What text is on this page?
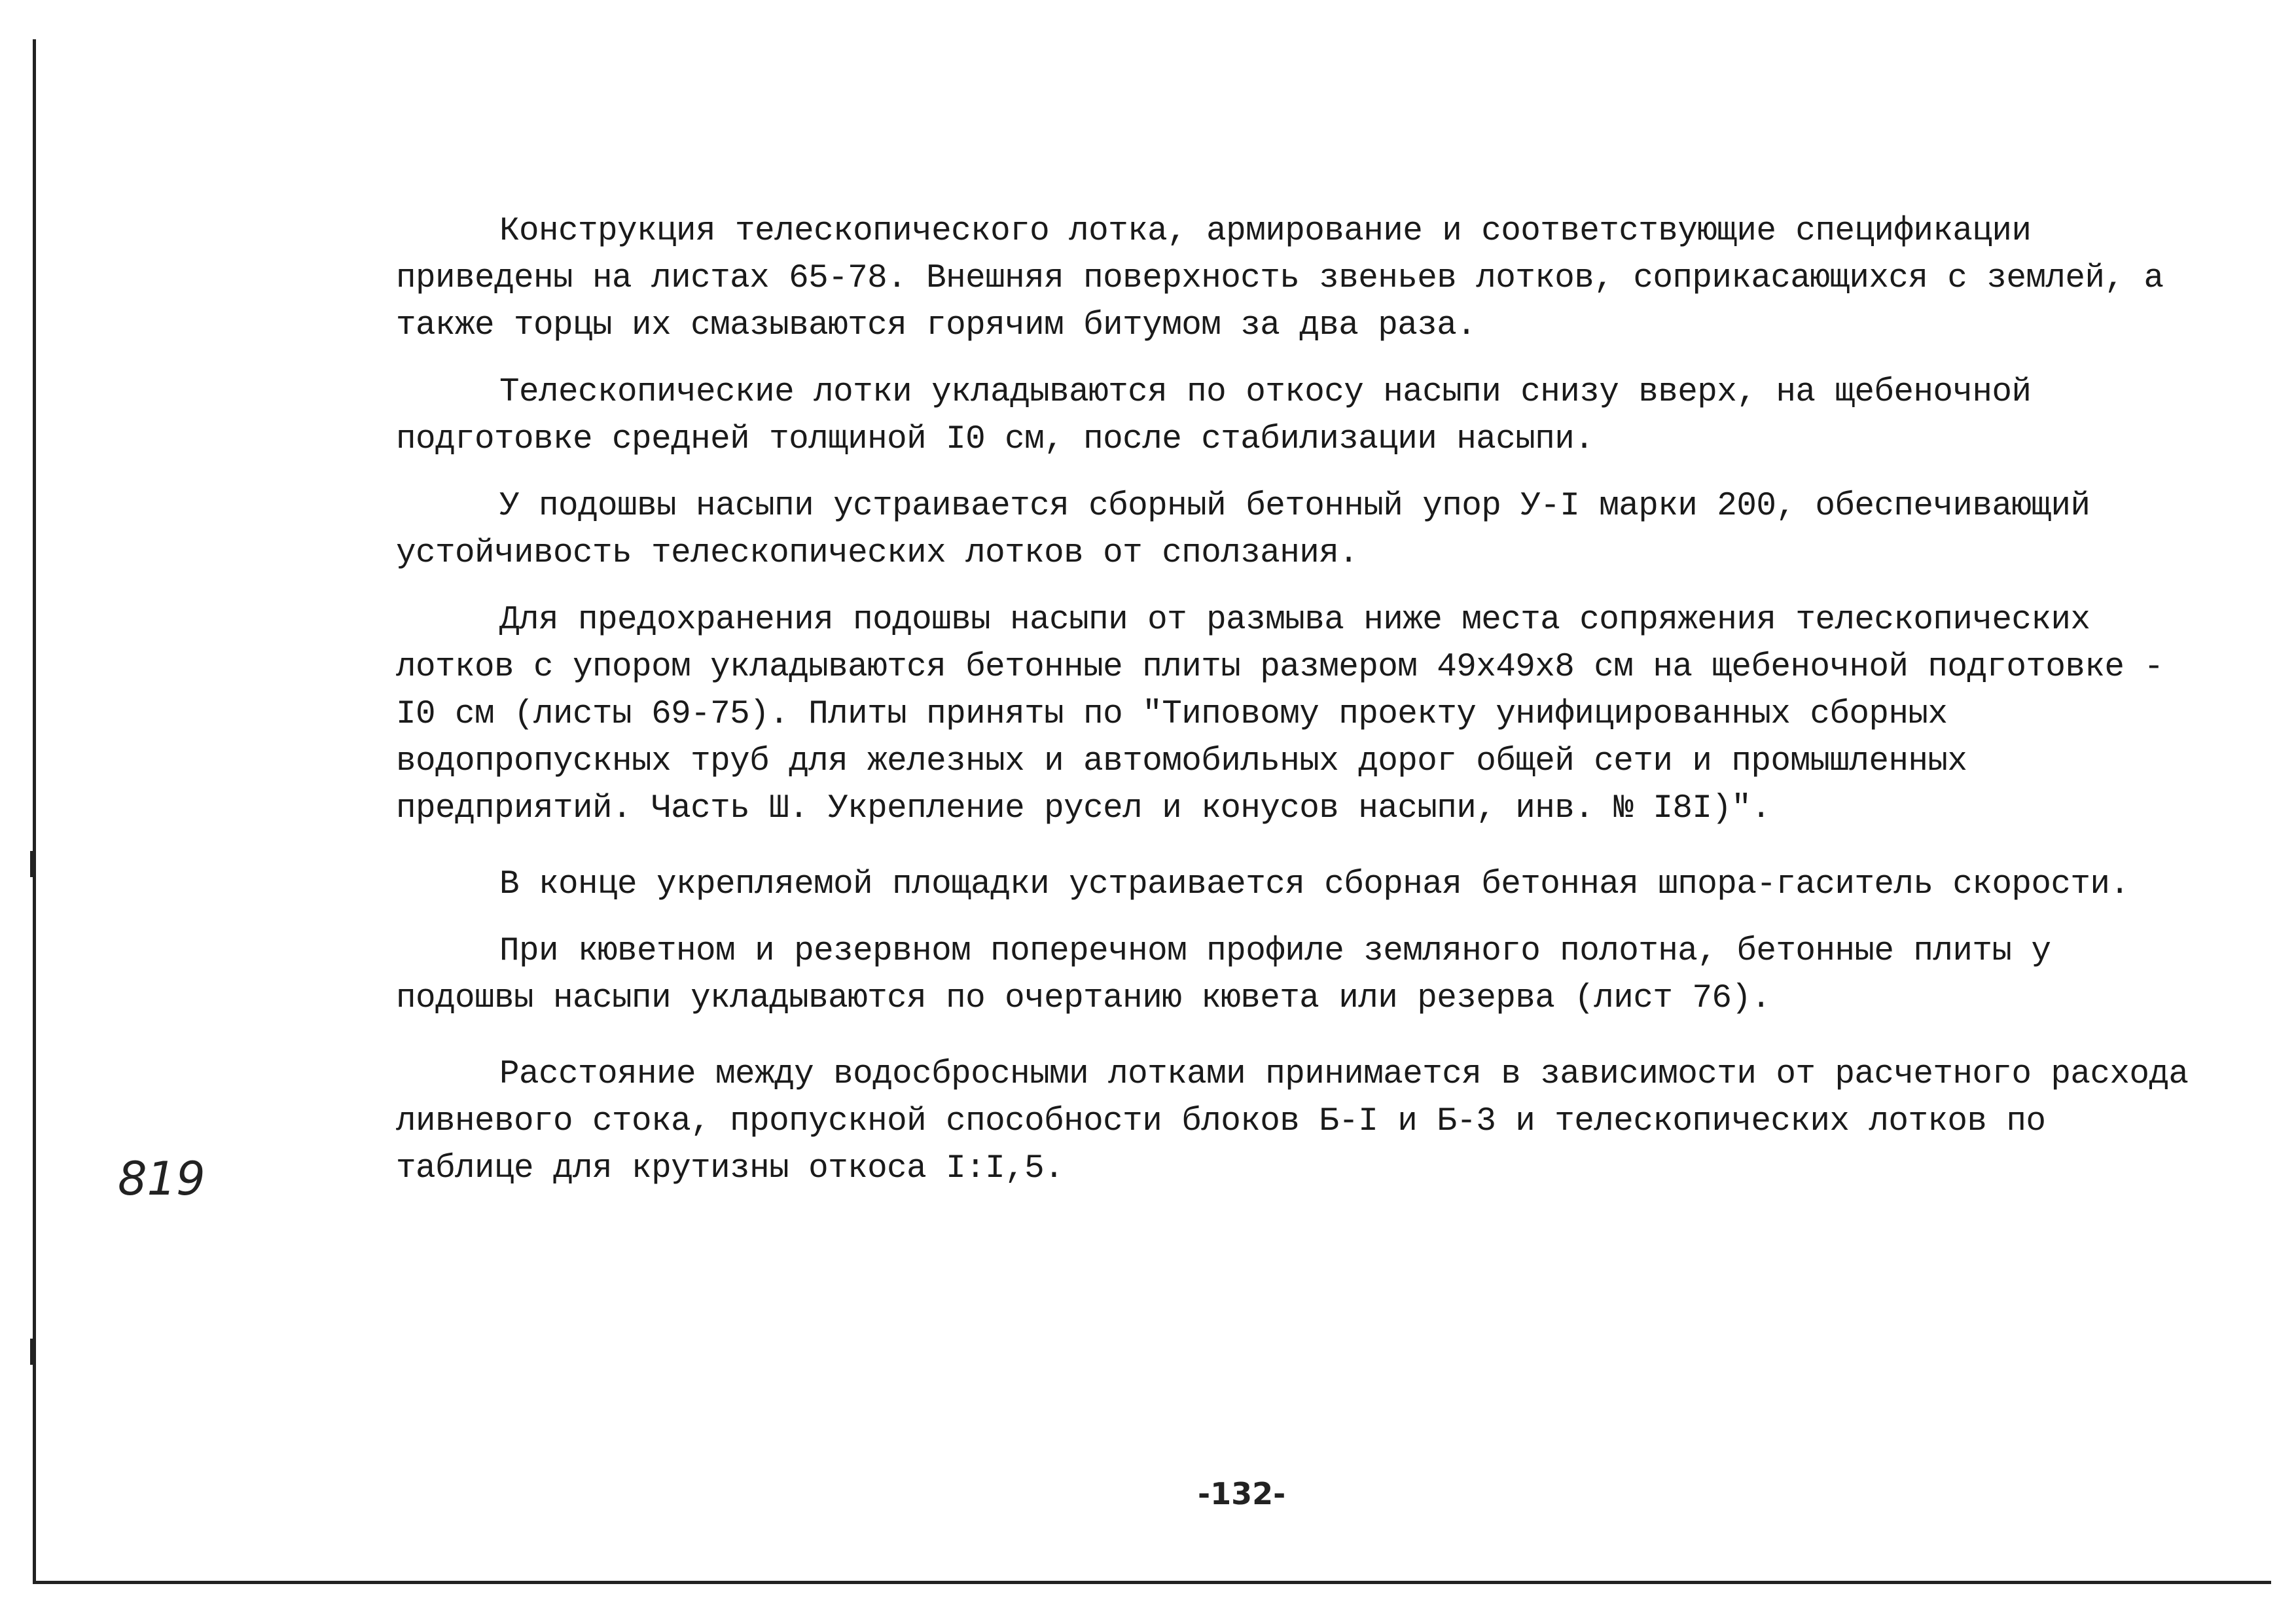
Конструкция телескопического лотка, армирование и соответствующие спецификации приведены на листах 65-78. Внешняя поверхность звеньев лотков, соприкасающихся с землей, а также торцы их смазываются горячим битумом за два раза.

Телескопические лотки укладываются по откосу насыпи снизу вверх, на щебеночной подготовке средней толщиной I0 см, после стабилизации насыпи.

У подошвы насыпи устраивается сборный бетонный упор У-I марки 200, обеспечивающий устойчивость телескопических лотков от сползания.

Для предохранения подошвы насыпи от размыва ниже места сопряжения телескопических лотков с упором укладываются бетонные плиты размером 49х49х8 см на щебеночной подготовке - I0 см (листы 69-75). Плиты приняты по "Типовому проекту унифицированных сборных водопропускных труб для железных и автомобильных дорог общей сети и промышленных предприятий. Часть Ш. Укрепление русел и конусов насыпи, инв. № I8I)".

В конце укрепляемой площадки устраивается сборная бетонная шпора-гаситель скорости.

При кюветном и резервном поперечном профиле земляного полотна, бетонные плиты у подошвы насыпи укладываются по очертанию кювета или резерва (лист 76).

Расстояние между водосбросными лотками принимается в зависимости от расчетного расхода ливневого стока, пропускной способности блоков Б-I и Б-3 и телескопических лотков по таблице для крутизны откоса I:I,5.

819
-132-
